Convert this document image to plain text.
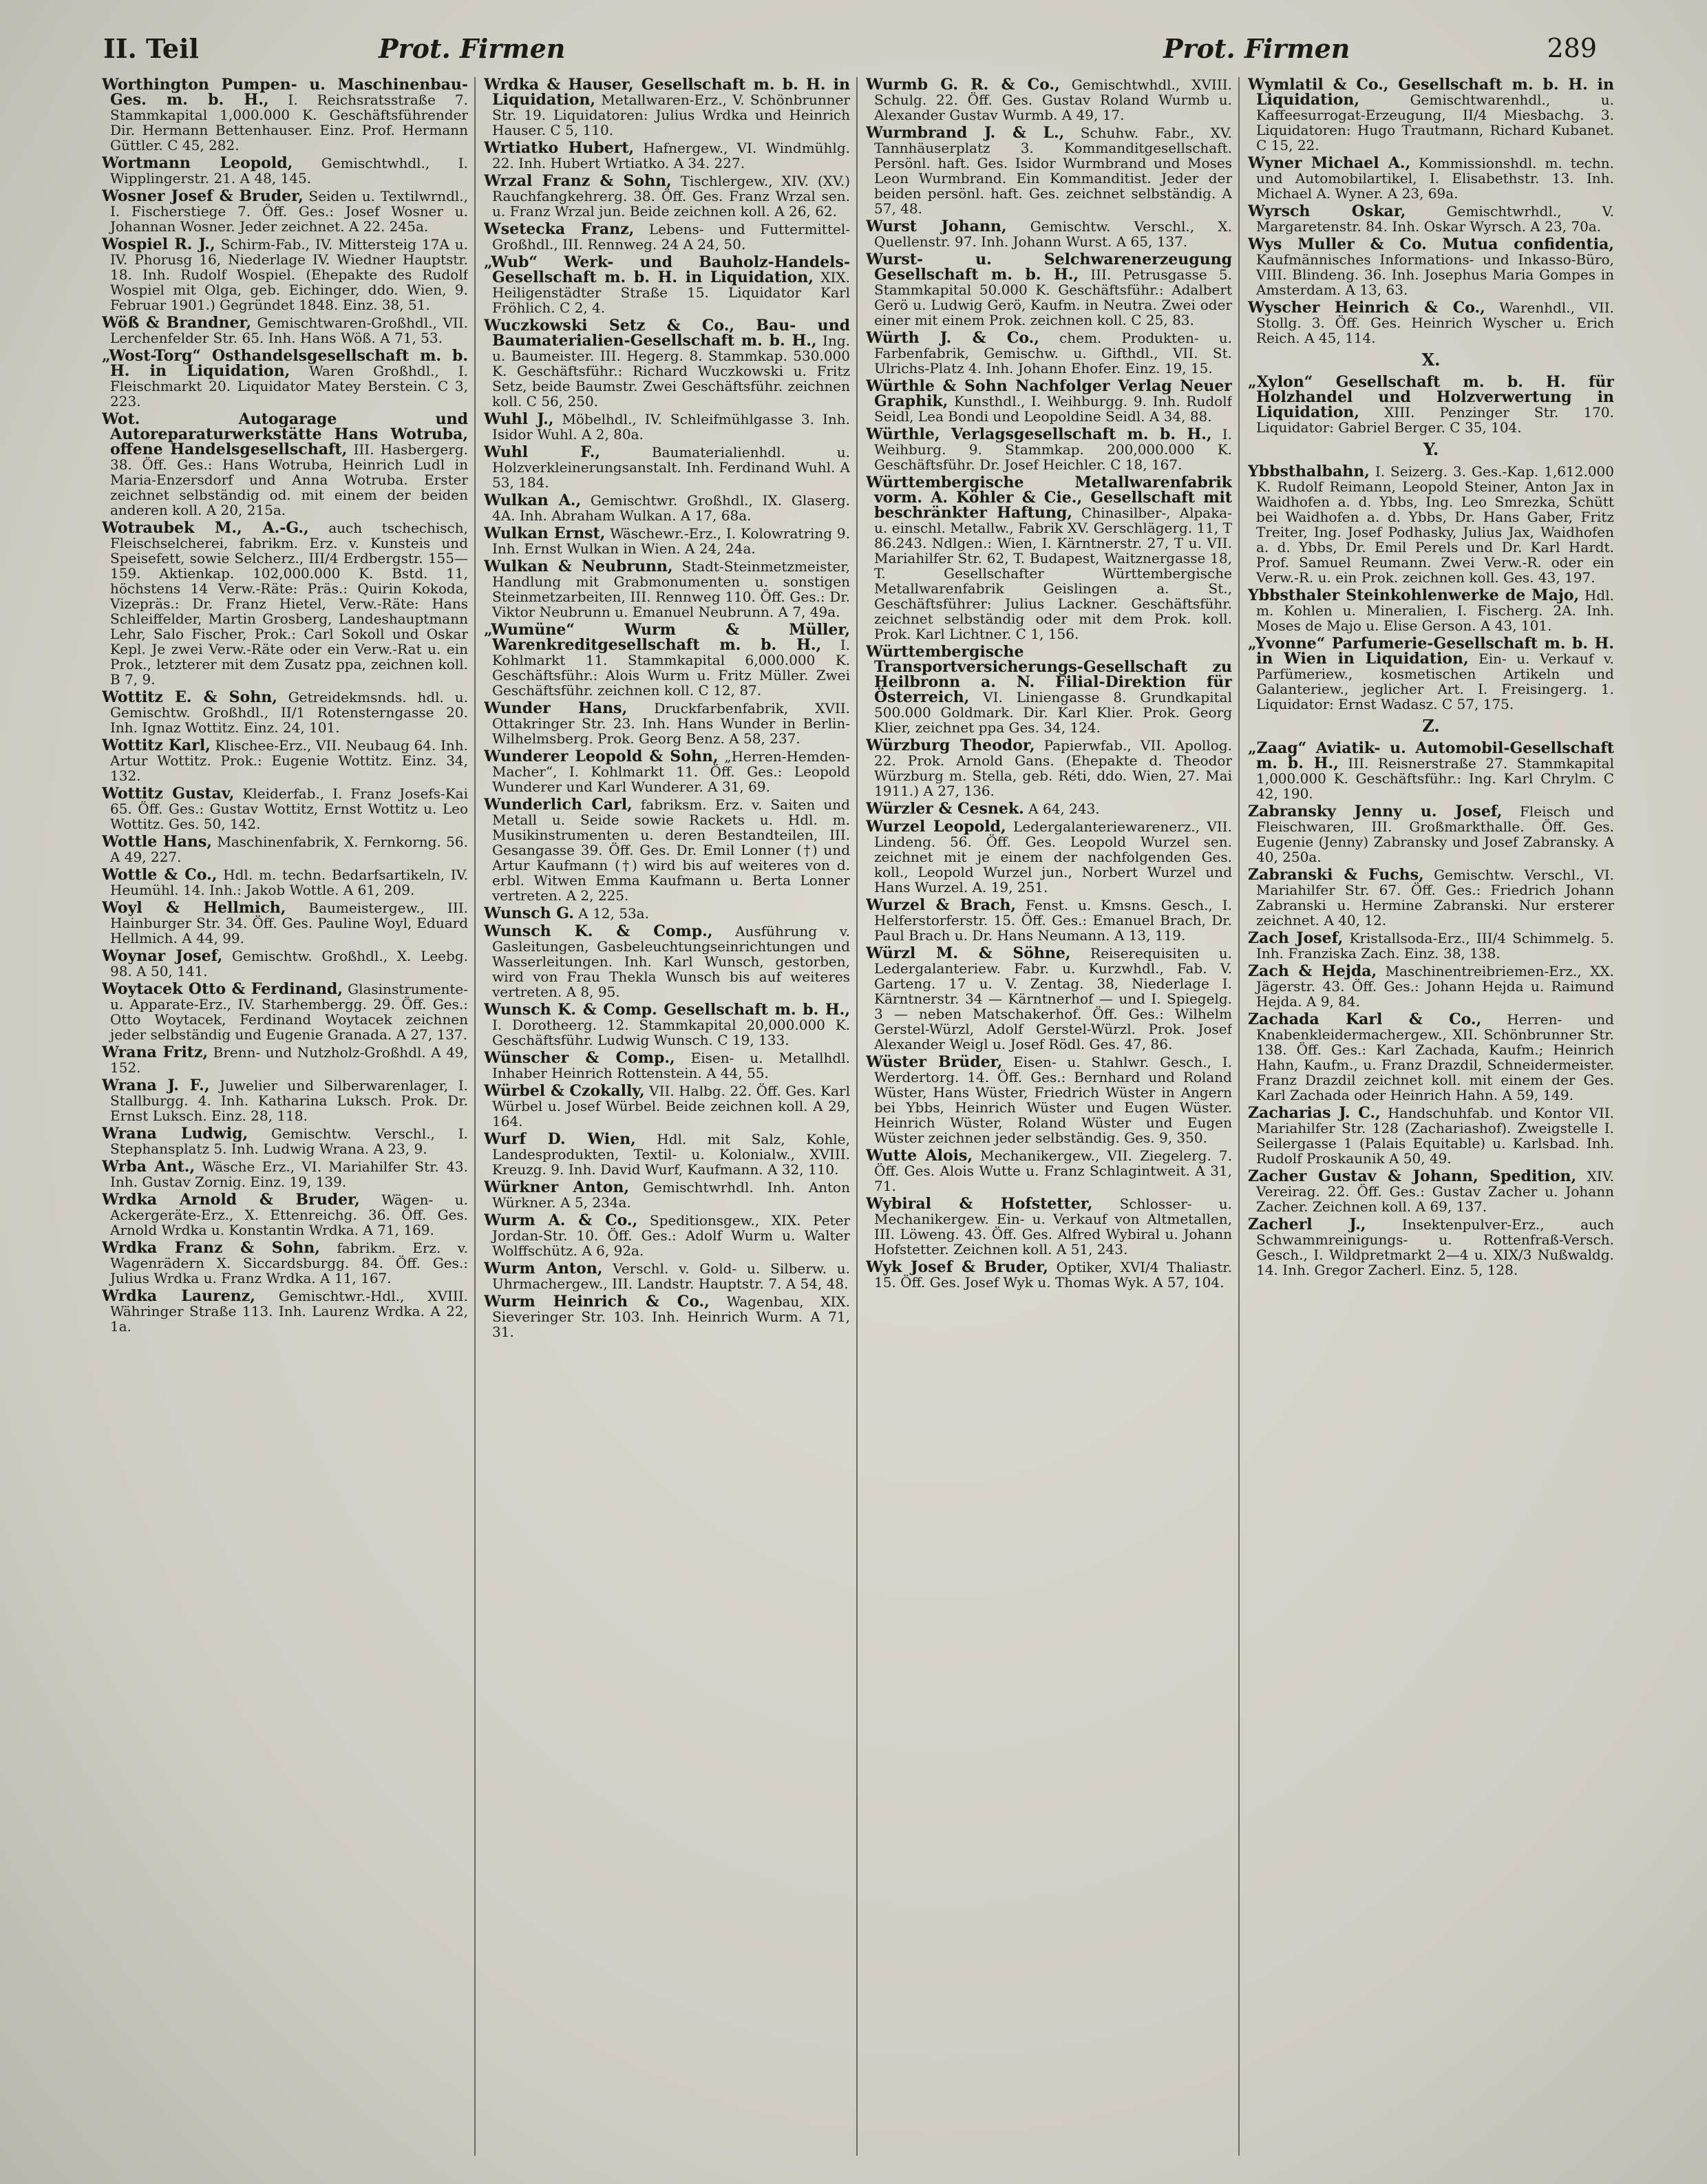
II. Teil	Prot. Firmen	Prot. Firmen	289

Worthington Pumpen- u. Maschinenbau-Ges. m. b. H., I. Reichsratsstraße 7. Stammkapital 1,000.000 K. Geschäftsführender Dir. Hermann Bettenhauser. Einz. Prof. Hermann Güttler. C 45, 282.

Wortmann Leopold, Gemischtwhdl., I. Wipplingerstr. 21. A 48, 145.

Wosner Josef & Bruder, Seiden u. Textilwrndl., I. Fischerstiege 7. Öff. Ges.: Josef Wosner u. Johannan Wosner. Jeder zeichnet. A 22. 245a.

Wospiel R. J., Schirm-Fab., IV. Mittersteig 17A u. IV. Phorusg 16, Niederlage IV. Wiedner Hauptstr. 18. Inh. Rudolf Wospiel. (Ehepakte des Rudolf Wospiel mit Olga, geb. Eichinger, ddo. Wien, 9. Februar 1901.) Gegründet 1848. Einz. 38, 51.

Wöß & Brandner, Gemischtwaren-Großhdl., VII. Lerchenfelder Str. 65. Inh. Hans Wöß. A 71, 53.

„Wost-Torg“ Osthandelsgesellschaft m. b. H. in Liquidation, Waren Großhdl., I. Fleischmarkt 20. Liquidator Matey Berstein. C 3, 223.

Wot. Autogarage und Autoreparaturwerkstätte Hans Wotruba, offene Handelsgesellschaft, III. Hasbergerg. 38. Öff. Ges.: Hans Wotruba, Heinrich Ludl in Maria-Enzersdorf und Anna Wotruba. Erster zeichnet selbständig od. mit einem der beiden anderen koll. A 20, 215a.

Wotraubek M., A.-G., auch tschechisch, Fleischselcherei, fabrikm. Erz. v. Kunsteis und Speisefett, sowie Selcherz., III/4 Erdbergstr. 155—159. Aktienkap. 102,000.000 K. Bstd. 11, höchstens 14 Verw.-Räte: Präs.: Quirin Kokoda, Vizepräs.: Dr. Franz Hietel, Verw.-Räte: Hans Schleiffelder, Martin Grosberg, Landeshauptmann Lehr, Salo Fischer, Prok.: Carl Sokoll und Oskar Kepl. Je zwei Verw.-Räte oder ein Verw.-Rat u. ein Prok., letzterer mit dem Zusatz ppa, zeichnen koll. B 7, 9.

Wottitz E. & Sohn, Getreidekmsnds. hdl. u. Gemischtw. Großhdl., II/1 Rotensterngasse 20. Inh. Ignaz Wottitz. Einz. 24, 101.

Wottitz Karl, Klischee-Erz., VII. Neubaug 64. Inh. Artur Wottitz. Prok.: Eugenie Wottitz. Einz. 34, 132.

Wottitz Gustav, Kleiderfab., I. Franz Josefs-Kai 65. Öff. Ges.: Gustav Wottitz, Ernst Wottitz u. Leo Wottitz. Ges. 50, 142.

Wottle Hans, Maschinenfabrik, X. Fernkorng. 56. A 49, 227.

Wottle & Co., Hdl. m. techn. Bedarfsartikeln, IV. Heumühl. 14. Inh.: Jakob Wottle. A 61, 209.

Woyl & Hellmich, Baumeistergew., III. Hainburger Str. 34. Öff. Ges. Pauline Woyl, Eduard Hellmich. A 44, 99.

Woynar Josef, Gemischtw. Großhdl., X. Leebg. 98. A 50, 141.

Woytacek Otto & Ferdinand, Glasinstrumente- u. Apparate-Erz., IV. Starhembergg. 29. Öff. Ges.: Otto Woytacek, Ferdinand Woytacek zeichnen jeder selbständig und Eugenie Granada. A 27, 137.

Wrana Fritz, Brenn- und Nutzholz-Großhdl. A 49, 152.

Wrana J. F., Juwelier und Silberwarenlager, I. Stallburgg. 4. Inh. Katharina Luksch. Prok. Dr. Ernst Luksch. Einz. 28, 118.

Wrana Ludwig, Gemischtw. Verschl., I. Stephansplatz 5. Inh. Ludwig Wrana. A 23, 9.

Wrba Ant., Wäsche Erz., VI. Mariahilfer Str. 43. Inh. Gustav Zornig. Einz. 19, 139.

Wrdka Arnold & Bruder, Wägen- u. Ackergeräte-Erz., X. Ettenreichg. 36. Öff. Ges. Arnold Wrdka u. Konstantin Wrdka. A 71, 169.

Wrdka Franz & Sohn, fabrikm. Erz. v. Wagenrädern X. Siccardsburgg. 84. Öff. Ges.: Julius Wrdka u. Franz Wrdka. A 11, 167.

Wrdka Laurenz, Gemischtwr.-Hdl., XVIII. Währinger Straße 113. Inh. Laurenz Wrdka. A 22, 1a.

Wrdka & Hauser, Gesellschaft m. b. H. in Liquidation, Metallwaren-Erz., V. Schönbrunner Str. 19. Liquidatoren: Julius Wrdka und Heinrich Hauser. C 5, 110.

Wrtiatko Hubert, Hafnergew., VI. Windmühlg. 22. Inh. Hubert Wrtiatko. A 34. 227.

Wrzal Franz & Sohn, Tischlergew., XIV. (XV.) Rauchfangkehrerg. 38. Öff. Ges. Franz Wrzal sen. u. Franz Wrzal jun. Beide zeichnen koll. A 26, 62.

Wsetecka Franz, Lebens- und Futtermittel-Großhdl., III. Rennweg. 24 A 24, 50.

„Wub“ Werk- und Bauholz-Handels-Gesellschaft m. b. H. in Liquidation, XIX. Heiligenstädter Straße 15. Liquidator Karl Fröhlich. C 2, 4.

Wuczkowski Setz & Co., Bau- und Baumaterialien-Gesellschaft m. b. H., Ing. u. Baumeister. III. Hegerg. 8. Stammkap. 530.000 K. Geschäftsführ.: Richard Wuczkowski u. Fritz Setz, beide Baumstr. Zwei Geschäftsführ. zeichnen koll. C 56, 250.

Wuhl J., Möbelhdl., IV. Schleifmühlgasse 3. Inh. Isidor Wuhl. A 2, 80a.

Wuhl F., Baumaterialienhdl. u. Holzverkleinerungsanstalt. Inh. Ferdinand Wuhl. A 53, 184.

Wulkan A., Gemischtwr. Großhdl., IX. Glaserg. 4A. Inh. Abraham Wulkan. A 17, 68a.

Wulkan Ernst, Wäschewr.-Erz., I. Kolowratring 9. Inh. Ernst Wulkan in Wien. A 24, 24a.

Wulkan & Neubrunn, Stadt-Steinmetzmeister, Handlung mit Grabmonumenten u. sonstigen Steinmetzarbeiten, III. Rennweg 110. Öff. Ges.: Dr. Viktor Neubrunn u. Emanuel Neubrunn. A 7, 49a.

„Wumüne“ Wurm & Müller, Warenkreditgesellschaft m. b. H., I. Kohlmarkt 11. Stammkapital 6,000.000 K. Geschäftsführ.: Alois Wurm u. Fritz Müller. Zwei Geschäftsführ. zeichnen koll. C 12, 87.

Wunder Hans, Druckfarbenfabrik, XVII. Ottakringer Str. 23. Inh. Hans Wunder in Berlin-Wilhelmsberg. Prok. Georg Benz. A 58, 237.

Wunderer Leopold & Sohn, „Herren-Hemden-Macher“, I. Kohlmarkt 11. Öff. Ges.: Leopold Wunderer und Karl Wunderer. A 31, 69.

Wunderlich Carl, fabriksm. Erz. v. Saiten und Metall u. Seide sowie Rackets u. Hdl. m. Musikinstrumenten u. deren Bestandteilen, III. Gesangasse 39. Öff. Ges. Dr. Emil Lonner (†) und Artur Kaufmann (†) wird bis auf weiteres von d. erbl. Witwen Emma Kaufmann u. Berta Lonner vertreten. A 2, 225.

Wunsch G. A 12, 53a.

Wunsch K. & Comp., Ausführung v. Gasleitungen, Gasbeleuchtungseinrichtungen und Wasserleitungen. Inh. Karl Wunsch, gestorben, wird von Frau Thekla Wunsch bis auf weiteres vertreten. A 8, 95.

Wunsch K. & Comp. Gesellschaft m. b. H., I. Dorotheerg. 12. Stammkapital 20,000.000 K. Geschäftsführ. Ludwig Wunsch. C 19, 133.

Wünscher & Comp., Eisen- u. Metallhdl. Inhaber Heinrich Rottenstein. A 44, 55.

Würbel & Czokally, VII. Halbg. 22. Öff. Ges. Karl Würbel u. Josef Würbel. Beide zeichnen koll. A 29, 164.

Wurf D. Wien, Hdl. mit Salz, Kohle, Landesprodukten, Textil- u. Kolonialw., XVIII. Kreuzg. 9. Inh. David Wurf, Kaufmann. A 32, 110.

Würkner Anton, Gemischtwrhdl. Inh. Anton Würkner. A 5, 234a.

Wurm A. & Co., Speditionsgew., XIX. Peter Jordan-Str. 10. Öff. Ges.: Adolf Wurm u. Walter Wolffschütz. A 6, 92a.

Wurm Anton, Verschl. v. Gold- u. Silberw. u. Uhrmachergew., III. Landstr. Hauptstr. 7. A 54, 48.

Wurm Heinrich & Co., Wagenbau, XIX. Sieveringer Str. 103. Inh. Heinrich Wurm. A 71, 31.

Wurmb G. R. & Co., Gemischtwhdl., XVIII. Schulg. 22. Öff. Ges. Gustav Roland Wurmb u. Alexander Gustav Wurmb. A 49, 17.

Wurmbrand J. & L., Schuhw. Fabr., XV. Tannhäuserplatz 3. Kommanditgesellschaft. Persönl. haft. Ges. Isidor Wurmbrand und Moses Leon Wurmbrand. Ein Kommanditist. Jeder der beiden persönl. haft. Ges. zeichnet selbständig. A 57, 48.

Wurst Johann, Gemischtw. Verschl., X. Quellenstr. 97. Inh. Johann Wurst. A 65, 137.

Wurst- u. Selchwarenerzeugung Gesellschaft m. b. H., III. Petrusgasse 5. Stammkapital 50.000 K. Geschäftsführ.: Adalbert Gerö u. Ludwig Gerö, Kaufm. in Neutra. Zwei oder einer mit einem Prok. zeichnen koll. C 25, 83.

Würth J. & Co., chem. Produkten- u. Farbenfabrik, Gemischw. u. Gifthdl., VII. St. Ulrichs-Platz 4. Inh. Johann Ehofer. Einz. 19, 15.

Würthle & Sohn Nachfolger Verlag Neuer Graphik, Kunsthdl., I. Weihburgg. 9. Inh. Rudolf Seidl, Lea Bondi und Leopoldine Seidl. A 34, 88.

Würthle, Verlagsgesellschaft m. b. H., I. Weihburg. 9. Stammkap. 200,000.000 K. Geschäftsführ. Dr. Josef Heichler. C 18, 167.

Württembergische Metallwarenfabrik vorm. A. Köhler & Cie., Gesellschaft mit beschränkter Haftung, Chinasilber-, Alpaka- u. einschl. Metallw., Fabrik XV. Gerschlägerg. 11, T 86.243. Ndlgen.: Wien, I. Kärntnerstr. 27, T u. VII. Mariahilfer Str. 62, T. Budapest, Waitznergasse 18, T. Gesellschafter Württembergische Metallwarenfabrik Geislingen a. St., Geschäftsführer: Julius Lackner. Geschäftsführ. zeichnet selbständig oder mit dem Prok. koll. Prok. Karl Lichtner. C 1, 156.

Württembergische Transportversicherungs-Gesellschaft zu Heilbronn a. N. Filial-Direktion für Österreich, VI. Liniengasse 8. Grundkapital 500.000 Goldmark. Dir. Karl Klier. Prok. Georg Klier, zeichnet ppa Ges. 34, 124.

Würzburg Theodor, Papierwfab., VII. Apollog. 22. Prok. Arnold Gans. (Ehepakte d. Theodor Würzburg m. Stella, geb. Réti, ddo. Wien, 27. Mai 1911.) A 27, 136.

Würzler & Cesnek. A 64, 243.

Wurzel Leopold, Ledergalanteriewarenerz., VII. Lindeng. 56. Öff. Ges. Leopold Wurzel sen. zeichnet mit je einem der nachfolgenden Ges. koll., Leopold Wurzel jun., Norbert Wurzel und Hans Wurzel. A. 19, 251.

Wurzel & Brach, Fenst. u. Kmsns. Gesch., I. Helferstorferstr. 15. Öff. Ges.: Emanuel Brach, Dr. Paul Brach u. Dr. Hans Neumann. A 13, 119.

Würzl M. & Söhne, Reiserequisiten u. Ledergalanteriew. Fabr. u. Kurzwhdl., Fab. V. Garteng. 17 u. V. Zentag. 38, Niederlage I. Kärntnerstr. 34 — Kärntnerhof — und I. Spiegelg. 3 — neben Matschakerhof. Öff. Ges.: Wilhelm Gerstel-Würzl, Adolf Gerstel-Würzl. Prok. Josef Alexander Weigl u. Josef Rödl. Ges. 47, 86.

Wüster Brüder, Eisen- u. Stahlwr. Gesch., I. Werdertorg. 14. Öff. Ges.: Bernhard und Roland Wüster, Hans Wüster, Friedrich Wüster in Angern bei Ybbs, Heinrich Wüster und Eugen Wüster. Heinrich Wüster, Roland Wüster und Eugen Wüster zeichnen jeder selbständig. Ges. 9, 350.

Wutte Alois, Mechanikergew., VII. Ziegelerg. 7. Öff. Ges. Alois Wutte u. Franz Schlagintweit. A 31, 71.

Wybiral & Hofstetter, Schlosser- u. Mechanikergew. Ein- u. Verkauf von Altmetallen, III. Löweng. 43. Öff. Ges. Alfred Wybiral u. Johann Hofstetter. Zeichnen koll. A 51, 243.

Wyk Josef & Bruder, Optiker, XVI/4 Thaliastr. 15. Öff. Ges. Josef Wyk u. Thomas Wyk. A 57, 104.

Wymlatil & Co., Gesellschaft m. b. H. in Liquidation, Gemischtwarenhdl., u. Kaffeesurrogat-Erzeugung, II/4 Miesbachg. 3. Liquidatoren: Hugo Trautmann, Richard Kubanet. C 15, 22.

Wyner Michael A., Kommissionshdl. m. techn. und Automobilartikel, I. Elisabethstr. 13. Inh. Michael A. Wyner. A 23, 69a.

Wyrsch Oskar, Gemischtwrhdl., V. Margaretenstr. 84. Inh. Oskar Wyrsch. A 23, 70a.

Wys Muller & Co. Mutua confidentia, Kaufmännisches Informations- und Inkasso-Büro, VIII. Blindeng. 36. Inh. Josephus Maria Gompes in Amsterdam. A 13, 63.

Wyscher Heinrich & Co., Warenhdl., VII. Stollg. 3. Öff. Ges. Heinrich Wyscher u. Erich Reich. A 45, 114.

X.

„Xylon“ Gesellschaft m. b. H. für Holzhandel und Holzverwertung in Liquidation, XIII. Penzinger Str. 170. Liquidator: Gabriel Berger. C 35, 104.

Y.

Ybbsthalbahn, I. Seizerg. 3. Ges.-Kap. 1,612.000 K. Rudolf Reimann, Leopold Steiner, Anton Jax in Waidhofen a. d. Ybbs, Ing. Leo Smrezka, Schütt bei Waidhofen a. d. Ybbs, Dr. Hans Gaber, Fritz Treiter, Ing. Josef Podhasky, Julius Jax, Waidhofen a. d. Ybbs, Dr. Emil Perels und Dr. Karl Hardt. Prof. Samuel Reumann. Zwei Verw.-R. oder ein Verw.-R. u. ein Prok. zeichnen koll. Ges. 43, 197.

Ybbsthaler Steinkohlenwerke de Majo, Hdl. m. Kohlen u. Mineralien, I. Fischerg. 2A. Inh. Moses de Majo u. Elise Gerson. A 43, 101.

„Yvonne“ Parfumerie-Gesellschaft m. b. H. in Wien in Liquidation, Ein- u. Verkauf v. Parfümeriew., kosmetischen Artikeln und Galanteriew., jeglicher Art. I. Freisingerg. 1. Liquidator: Ernst Wadasz. C 57, 175.

Z.

„Zaag“ Aviatik- u. Automobil-Gesellschaft m. b. H., III. Reisnerstraße 27. Stammkapital 1,000.000 K. Geschäftsführ.: Ing. Karl Chrylm. C 42, 190.

Zabransky Jenny u. Josef, Fleisch und Fleischwaren, III. Großmarkthalle. Öff. Ges. Eugenie (Jenny) Zabransky und Josef Zabransky. A 40, 250a.

Zabranski & Fuchs, Gemischtw. Verschl., VI. Mariahilfer Str. 67. Öff. Ges.: Friedrich Johann Zabranski u. Hermine Zabranski. Nur ersterer zeichnet. A 40, 12.

Zach Josef, Kristallsoda-Erz., III/4 Schimmelg. 5. Inh. Franziska Zach. Einz. 38, 138.

Zach & Hejda, Maschinentreibriemen-Erz., XX. Jägerstr. 43. Öff. Ges.: Johann Hejda u. Raimund Hejda. A 9, 84.

Zachada Karl & Co., Herren- und Knabenkleidermachergew., XII. Schönbrunner Str. 138. Öff. Ges.: Karl Zachada, Kaufm.; Heinrich Hahn, Kaufm., u. Franz Drazdil, Schneidermeister. Franz Drazdil zeichnet koll. mit einem der Ges. Karl Zachada oder Heinrich Hahn. A 59, 149.

Zacharias J. C., Handschuhfab. und Kontor VII. Mariahilfer Str. 128 (Zachariashof). Zweigstelle I. Seilergasse 1 (Palais Equitable) u. Karlsbad. Inh. Rudolf Proskaunik A 50, 49.

Zacher Gustav & Johann, Spedition, XIV. Vereirag. 22. Öff. Ges.: Gustav Zacher u. Johann Zacher. Zeichnen koll. A 69, 137.

Zacherl J., Insektenpulver-Erz., auch Schwammreinigungs- u. Rottenfraß-Versch. Gesch., I. Wildpretmarkt 2—4 u. XIX/3 Nußwaldg. 14. Inh. Gregor Zacherl. Einz. 5, 128.
